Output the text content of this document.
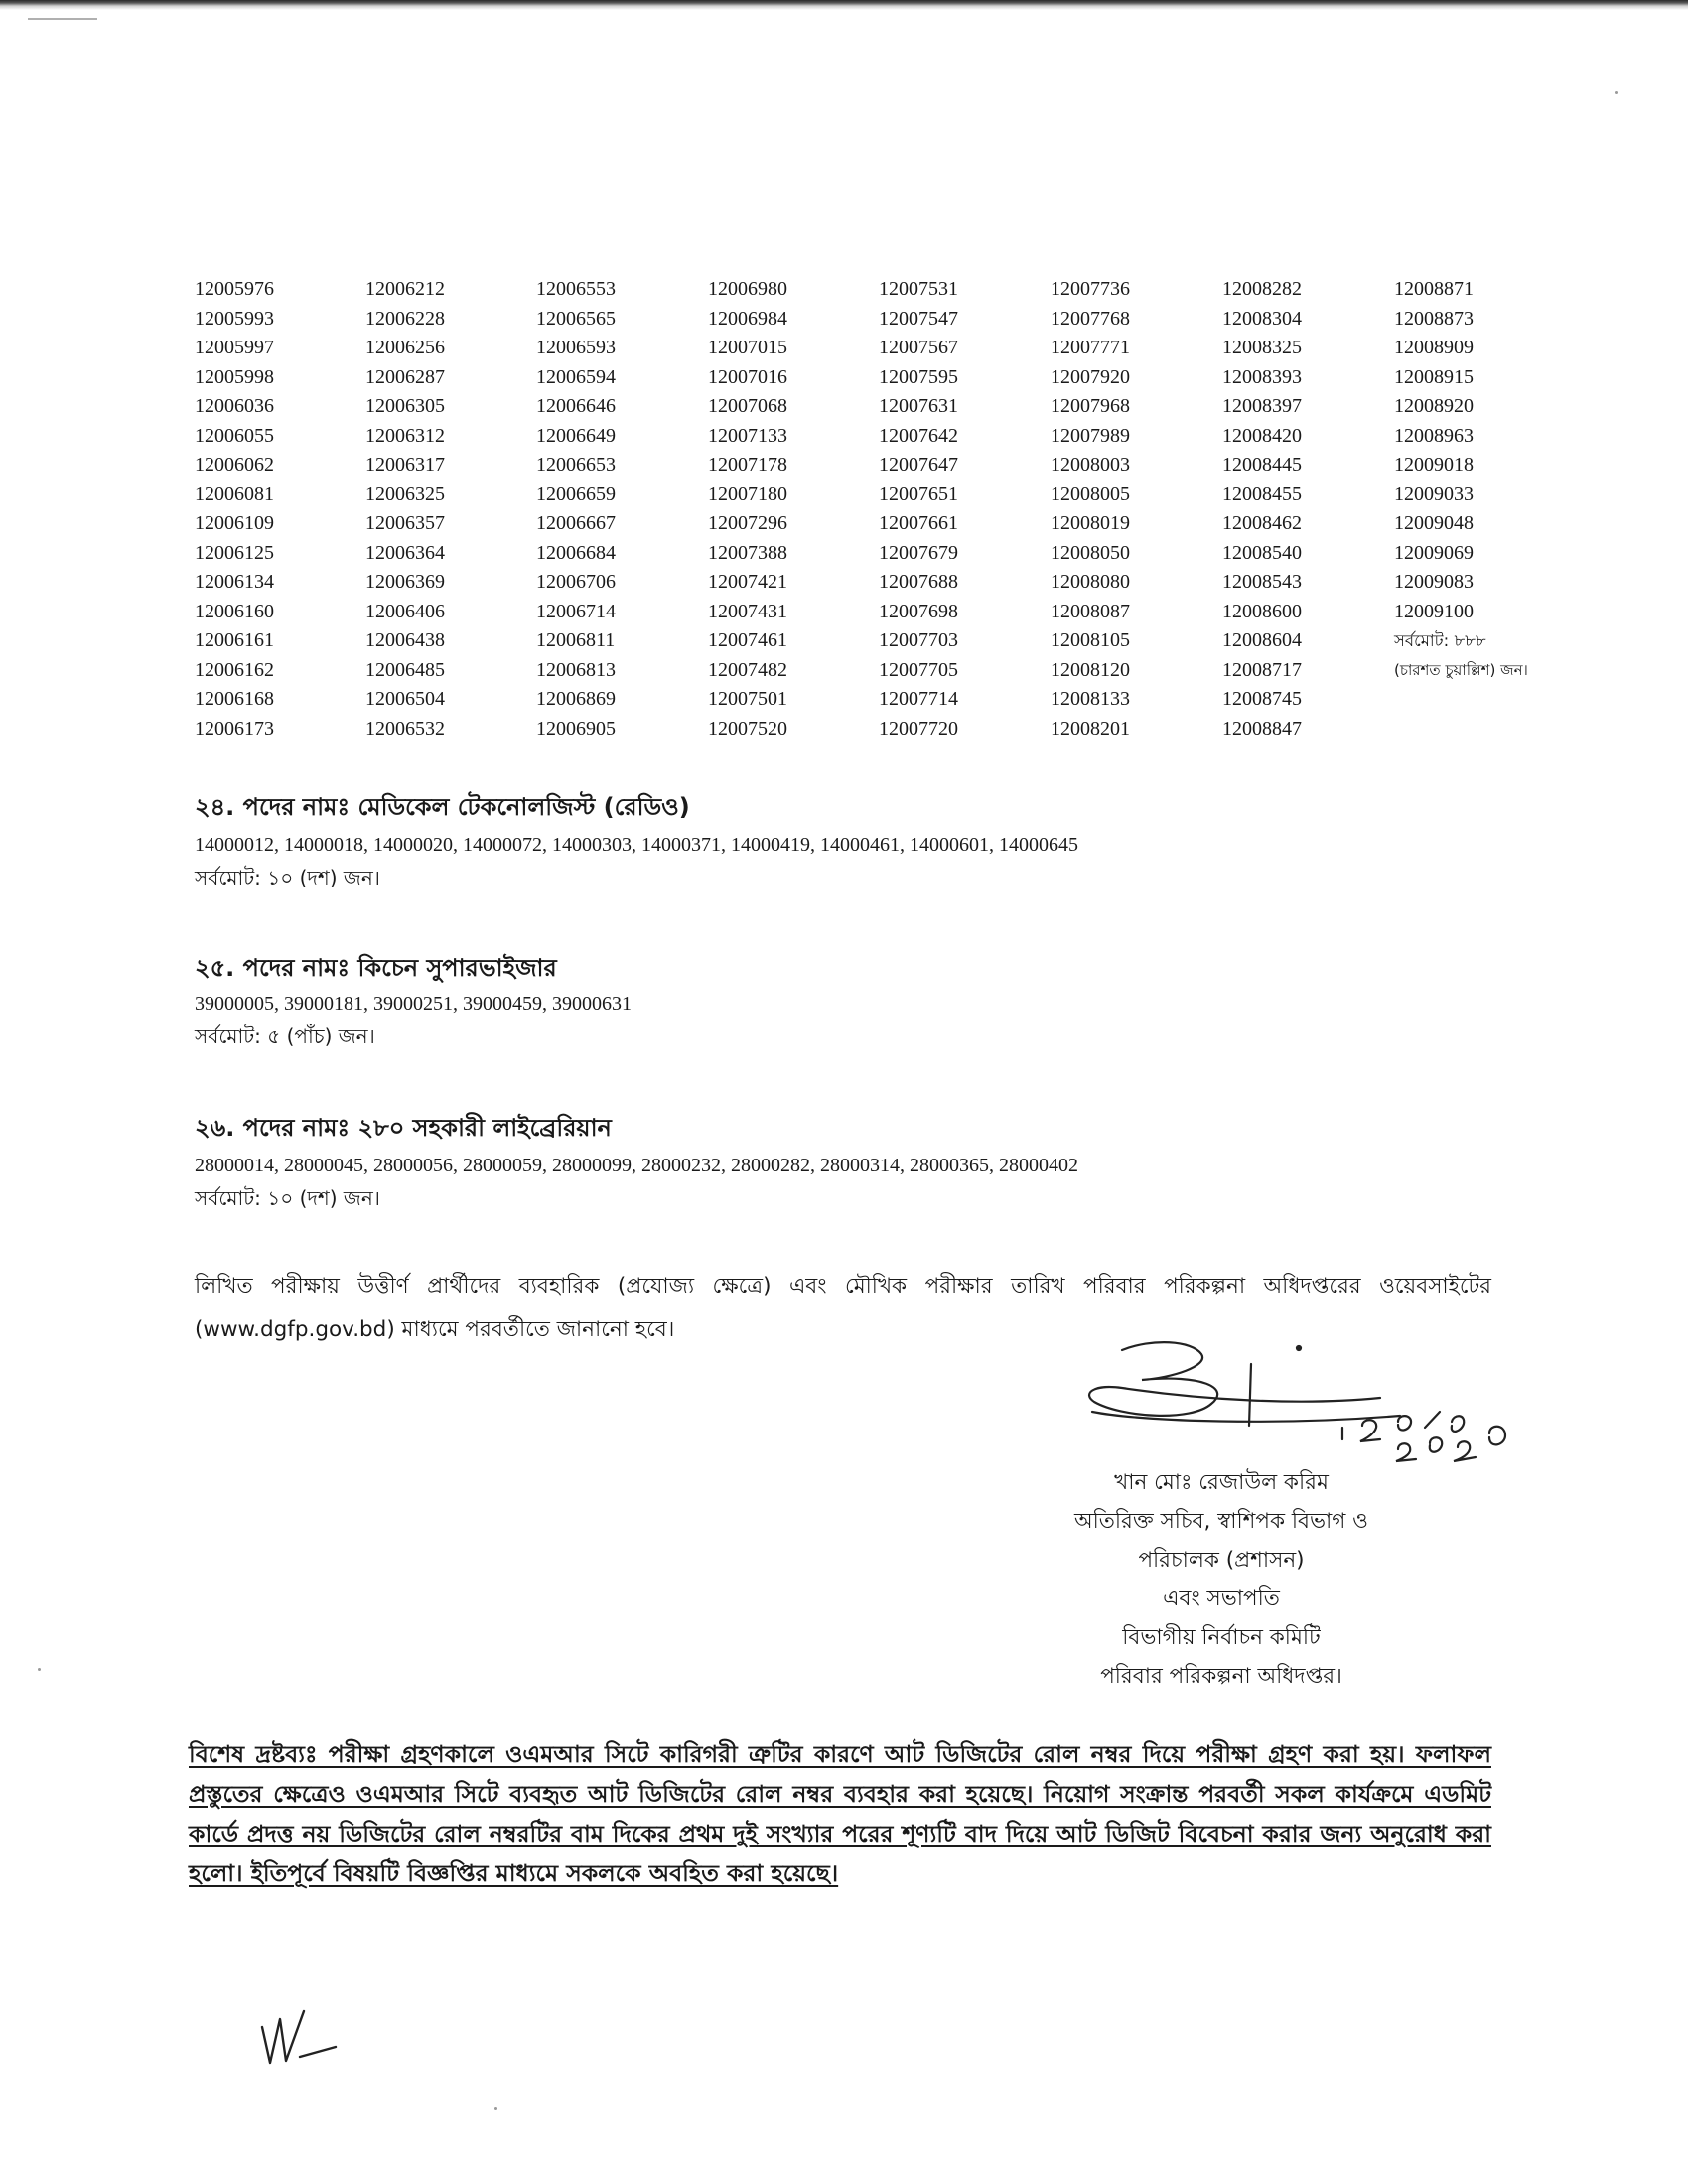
12005976
12005993
12005997
12005998
12006036
12006055
12006062
12006081
12006109
12006125
12006134
12006160
12006161
12006162
12006168
12006173
12006212
12006228
12006256
12006287
12006305
12006312
12006317
12006325
12006357
12006364
12006369
12006406
12006438
12006485
12006504
12006532
12006553
12006565
12006593
12006594
12006646
12006649
12006653
12006659
12006667
12006684
12006706
12006714
12006811
12006813
12006869
12006905
12006980
12006984
12007015
12007016
12007068
12007133
12007178
12007180
12007296
12007388
12007421
12007431
12007461
12007482
12007501
12007520
12007531
12007547
12007567
12007595
12007631
12007642
12007647
12007651
12007661
12007679
12007688
12007698
12007703
12007705
12007714
12007720
12007736
12007768
12007771
12007920
12007968
12007989
12008003
12008005
12008019
12008050
12008080
12008087
12008105
12008120
12008133
12008201
12008282
12008304
12008325
12008393
12008397
12008420
12008445
12008455
12008462
12008540
12008543
12008600
12008604
12008717
12008745
12008847
12008871
12008873
12008909
12008915
12008920
12008963
12009018
12009033
12009048
12009069
12009083
12009100
সর্বমোট: ৮৮৮
(চারশত চুয়াল্লিশ) জন।
২৪. পদের নামঃ মেডিকেল টেকনোলজিস্ট (রেডিও)
14000012, 14000018, 14000020, 14000072, 14000303, 14000371, 14000419, 14000461, 14000601, 14000645
সর্বমোট: ১০ (দশ) জন।
২৫. পদের নামঃ কিচেন সুপারভাইজার
39000005, 39000181, 39000251, 39000459, 39000631
সর্বমোট: ৫ (পাঁচ) জন।
২৬. পদের নামঃ ২৮০ সহকারী লাইব্রেরিয়ান
28000014, 28000045, 28000056, 28000059, 28000099, 28000232, 28000282, 28000314, 28000365, 28000402
সর্বমোট: ১০ (দশ) জন।
লিখিত পরীক্ষায় উত্তীর্ণ প্রার্থীদের ব্যবহারিক (প্রযোজ্য ক্ষেত্রে) এবং মৌখিক পরীক্ষার তারিখ পরিবার পরিকল্পনা অধিদপ্তরের ওয়েবসাইটের (www.dgfp.gov.bd) মাধ্যমে পরবর্তীতে জানানো হবে।
খান মোঃ রেজাউল করিম
অতিরিক্ত সচিব, স্বাশিপক বিভাগ ও
পরিচালক (প্রশাসন)
এবং সভাপতি
বিভাগীয় নির্বাচন কমিটি
পরিবার পরিকল্পনা অধিদপ্তর।
বিশেষ দ্রষ্টব্যঃ পরীক্ষা গ্রহণকালে ওএমআর সিটে কারিগরী ত্রুটির কারণে আট ডিজিটের রোল নম্বর দিয়ে পরীক্ষা গ্রহণ করা হয়। ফলাফল প্রস্তুতের ক্ষেত্রেও ওএমআর সিটে ব্যবহৃত আট ডিজিটের রোল নম্বর ব্যবহার করা হয়েছে। নিয়োগ সংক্রান্ত পরবর্তী সকল কার্যক্রমে এডমিট কার্ডে প্রদত্ত নয় ডিজিটের রোল নম্বরটির বাম দিকের প্রথম দুই সংখ্যার পরের শূণ্যটি বাদ দিয়ে আট ডিজিট বিবেচনা করার জন্য অনুরোধ করা হলো। ইতিপূর্বে বিষয়টি বিজ্ঞপ্তির মাধ্যমে সকলকে অবহিত করা হয়েছে।
